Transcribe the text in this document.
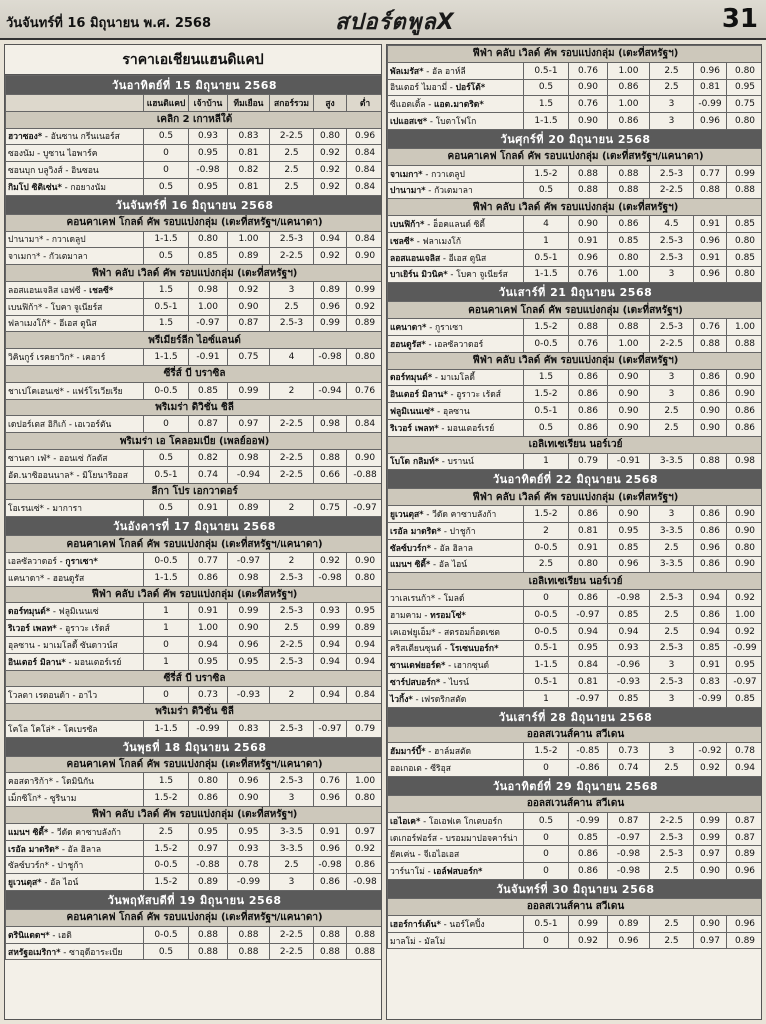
วันจันทร์ที่ 16 มิถุนายน พ.ศ. 2568	สปอร์ตพูลX	31
ราคาเอเชียนแฮนดิแคป
วันอาทิตย์ที่ 15 มิถุนายน 2568						
	แฮนดิแคป	เจ้าบ้าน	ทีมเยือน	สกอร์รวม	สูง	ต่ำ
เคลิก 2 เกาหลีใต้						
ฮวาซอง* - อันซาน กรีนเนอร์ส	0.5	0.93	0.83	2-2.5	0.80	0.96
ซองนัม - บูซาน ไอพาร์ค	0	0.95	0.81	2.5	0.92	0.84
ซอนบุก บลูวิงส์ - อินซอน	0	-0.98	0.82	2.5	0.92	0.84
กิมโป ซิติเซ่น* - กอยางนัม	0.5	0.95	0.81	2.5	0.92	0.84
วันจันทร์ที่ 16 มิถุนายน 2568						
คอนคาเคฟ โกลด์ คัพ รอบแบ่งกลุ่ม (เตะที่สหรัฐฯ/แคนาดา)						
ปานามา* - กวาเดลูป	1-1.5	0.80	1.00	2.5-3	0.94	0.84
จาเมกา* - กัวเตมาลา	0.5	0.85	0.89	2-2.5	0.92	0.90
ฟีฟ่า คลับ เวิลด์ คัพ รอบแบ่งกลุ่ม (เตะที่สหรัฐฯ)						
ลอสแอนเจลิส เอฟซี - เชลซี*	1.5	0.98	0.92	3	0.89	0.99
เบนฟิก้า* - โบคา จูเนียร์ส	0.5-1	1.00	0.90	2.5	0.96	0.92
ฟลาเมงโก้* - อีเอส ตูนิส	1.5	-0.97	0.87	2.5-3	0.99	0.89
พรีเมียร์ลีก ไอซ์แลนด์						
วิคินกูร์ เรคยาวิก* - เคอาร์	1-1.5	-0.91	0.75	4	-0.98	0.80
ซีรี่ส์ บี บราซิล						
ชาเปโคเอนเซ่* - แฟร์โรเวียเรีย	0-0.5	0.85	0.99	2	-0.94	0.76
พริเมร่า ดิวิชั่น ชิลี						
เดปอร์เตส อิกิเก้ - เอเวอร์ตัน	0	0.87	0.97	2-2.5	0.98	0.84
พริเมร่า เอ โคลอมเบีย (เพลย์ออฟ)						
ซานตา เฟ่* - ออนเซ่ กัลดัส	0.5	0.82	0.98	2-2.5	0.88	0.90
อัต.นาซิออนนาล* - มิโยนาริออส	0.5-1	0.74	-0.94	2-2.5	0.66	-0.88
ลีกา โปร เอกวาดอร์						
โอเรนเซ่* - มาการา	0.5	0.91	0.89	2	0.75	-0.97
วันอังคารที่ 17 มิถุนายน 2568						
คอนคาเคฟ โกลด์ คัพ รอบแบ่งกลุ่ม (เตะที่สหรัฐฯ/แคนาดา)						
เอลซัลวาดอร์ - กูราเซา*	0-0.5	0.77	-0.97	2	0.92	0.90
แคนาดา* - ฮอนดูรัส	1-1.5	0.86	0.98	2.5-3	-0.98	0.80
ฟีฟ่า คลับ เวิลด์ คัพ รอบแบ่งกลุ่ม (เตะที่สหรัฐฯ)						
ดอร์ทมุนด์* - ฟลูมิเนนเซ่	1	0.91	0.99	2.5-3	0.93	0.95
ริเวอร์ เพลท* - อูราวะ เร้ดส์	1	1.00	0.90	2.5	0.99	0.89
อุลซาน - มาเมโลดี้ ซันดาวน์ส	0	0.94	0.96	2-2.5	0.94	0.94
อินเตอร์ มิลาน* - มอนเตอร์เรย์	1	0.95	0.95	2.5-3	0.94	0.94
ซีรี่ส์ บี บราซิล						
โวลตา เรดอนด้า - อาไว	0	0.73	-0.93	2	0.94	0.84
พริเมร่า ดิวิชั่น ชิลี						
โคโล โคโล่* - โคเบรซัล	1-1.5	-0.99	0.83	2.5-3	-0.97	0.79
วันพุธที่ 18 มิถุนายน 2568						
คอนคาเคฟ โกลด์ คัพ รอบแบ่งกลุ่ม (เตะที่สหรัฐฯ/แคนาดา)						
คอสตาริก้า* - โดมินิกัน	1.5	0.80	0.96	2.5-3	0.76	1.00
เม็กซิโก* - ซูรินาม	1.5-2	0.86	0.90	3	0.96	0.80
ฟีฟ่า คลับ เวิลด์ คัพ รอบแบ่งกลุ่ม (เตะที่สหรัฐฯ)						
แมนฯ ซิตี้* - วีดัด คาซาบลังก้า	2.5	0.95	0.95	3-3.5	0.91	0.97
เรอัล มาดริด* - อัล ฮิลาล	1.5-2	0.97	0.93	3-3.5	0.96	0.92
ซัลซ์บวร์ก* - ปาชูก้า	0-0.5	-0.88	0.78	2.5	-0.98	0.86
ยูเวนตุส* - อัล ไอน์	1.5-2	0.89	-0.99	3	0.86	-0.98
วันพฤหัสบดีที่ 19 มิถุนายน 2568						
คอนคาเคฟ โกลด์ คัพ รอบแบ่งกลุ่ม (เตะที่สหรัฐฯ/แคนาดา)						
ตรินิแดดฯ* - เฮติ	0-0.5	0.88	0.88	2-2.5	0.88	0.88
สหรัฐอเมริกา* - ซาอุดีอาระเบีย	0.5	0.88	0.88	2-2.5	0.88	0.88
ฟีฟ่า คลับ เวิลด์ คัพ รอบแบ่งกลุ่ม (เตะที่สหรัฐฯ)						
พัลเมรัส* - อัล อาห์ลี	0.5-1	0.76	1.00	2.5	0.96	0.80
อินเตอร์ ไมอามี่ - ปอร์โต้*	0.5	0.90	0.86	2.5	0.81	0.95
ซีแอตเติ้ล - แอต.มาดริด*	1.5	0.76	1.00	3	-0.99	0.75
เปแอสเช* - โบตาโฟโก	1-1.5	0.90	0.86	3	0.96	0.80
วันศุกร์ที่ 20 มิถุนายน 2568						
คอนคาเคฟ โกลด์ คัพ รอบแบ่งกลุ่ม (เตะที่สหรัฐฯ/แคนาดา)						
จาเมกา* - กวาเดลูป	1.5-2	0.88	0.88	2.5-3	0.77	0.99
ปานามา* - กัวเตมาลา	0.5	0.88	0.88	2-2.5	0.88	0.88
ฟีฟ่า คลับ เวิลด์ คัพ รอบแบ่งกลุ่ม (เตะที่สหรัฐฯ)						
เบนฟิก้า* - อ็อคแลนด์ ซิตี้	4	0.90	0.86	4.5	0.91	0.85
เชลซี* - ฟลาเมงโก้	1	0.91	0.85	2.5-3	0.96	0.80
ลอสแอนเจลิส - อีเอส ตูนิส	0.5-1	0.96	0.80	2.5-3	0.91	0.85
บาเยิร์น มิวนิค* - โบคา จูเนียร์ส	1-1.5	0.76	1.00	3	0.96	0.80
วันเสาร์ที่ 21 มิถุนายน 2568						
คอนคาเคฟ โกลด์ คัพ รอบแบ่งกลุ่ม (เตะที่สหรัฐฯ)						
แคนาดา* - กูราเซา	1.5-2	0.88	0.88	2.5-3	0.76	1.00
ฮอนดูรัส* - เอลซัลวาดอร์	0-0.5	0.76	1.00	2-2.5	0.88	0.88
ฟีฟ่า คลับ เวิลด์ คัพ รอบแบ่งกลุ่ม (เตะที่สหรัฐฯ)						
ดอร์ทมุนด์* - มาเมโลดี้	1.5	0.86	0.90	3	0.86	0.90
อินเตอร์ มิลาน* - อูราวะ เร้ดส์	1.5-2	0.86	0.90	3	0.86	0.90
ฟลูมิเนนเซ่* - อุลซาน	0.5-1	0.86	0.90	2.5	0.90	0.86
ริเวอร์ เพลท* - มอนเตอร์เรย์	0.5	0.86	0.90	2.5	0.90	0.86
เอลิเทเซเรียน นอร์เวย์						
โบโด กลิมท์* - บรานน์	1	0.79	-0.91	3-3.5	0.88	0.98
วันอาทิตย์ที่ 22 มิถุนายน 2568						
ฟีฟ่า คลับ เวิลด์ คัพ รอบแบ่งกลุ่ม (เตะที่สหรัฐฯ)						
ยูเวนตุส* - วีดัด คาซาบลังก้า	1.5-2	0.86	0.90	3	0.86	0.90
เรอัล มาดริด* - ปาชูก้า	2	0.81	0.95	3-3.5	0.86	0.90
ซัลซ์บวร์ก* - อัล ฮิลาล	0-0.5	0.91	0.85	2.5	0.96	0.80
แมนฯ ซิตี้* - อัล ไอน์	2.5	0.80	0.96	3-3.5	0.86	0.90
เอลิเทเซเรียน นอร์เวย์						
วาเลเรนก้า* - โมลด์	0	0.86	-0.98	2.5-3	0.94	0.92
ฮามคาม - ทรอมโซ่*	0-0.5	-0.97	0.85	2.5	0.86	1.00
เคเอฟยูเอ็ม* - สตรอมก็อดเซต	0-0.5	0.94	0.94	2.5	0.94	0.92
คริสเตียนซุนด์ - โรเซนบอร์ก*	0.5-1	0.95	0.93	2.5-3	0.85	-0.99
ซานเดฟยอร์ด* - เฮากซุนด์	1-1.5	0.84	-0.96	3	0.91	0.95
ซาร์ปสบอร์ก* - ไบรน์	0.5-1	0.81	-0.93	2.5-3	0.83	-0.97
ไวกิ้ง* - เฟรดริกสตัด	1	-0.97	0.85	3	-0.99	0.85
วันเสาร์ที่ 28 มิถุนายน 2568						
ออลสเวนส์คาน สวีเดน						
ฮัมมาร์บี้* - ฮาล์มสตัด	1.5-2	-0.85	0.73	3	-0.92	0.78
ออเกอเต - ซีริอุส	0	-0.86	0.74	2.5	0.92	0.94
วันอาทิตย์ที่ 29 มิถุนายน 2568						
ออลสเวนส์คาน สวีเดน						
เอไอเค* - โอเอฟเค โกเตบอร์ก	0.5	-0.99	0.87	2-2.5	0.99	0.87
เดเกอร์ฟอร์ส - บรอมมาปอจคาร์น่า	0	0.85	-0.97	2.5-3	0.99	0.87
ยัคเค่น - จีเอไอเอส	0	0.86	-0.98	2.5-3	0.97	0.89
วาร์นาโม่ - เอล์ฟสบอร์ก*	0	0.86	-0.98	2.5	0.90	0.96
วันจันทร์ที่ 30 มิถุนายน 2568						
ออลสเวนส์คาน สวีเดน						
เฮอร์การ์เด้น* - นอร์โคปิ้ง	0.5-1	0.99	0.89	2.5	0.90	0.96
มาลโม่ - มัลโม่	0	0.92	0.96	2.5	0.97	0.89
